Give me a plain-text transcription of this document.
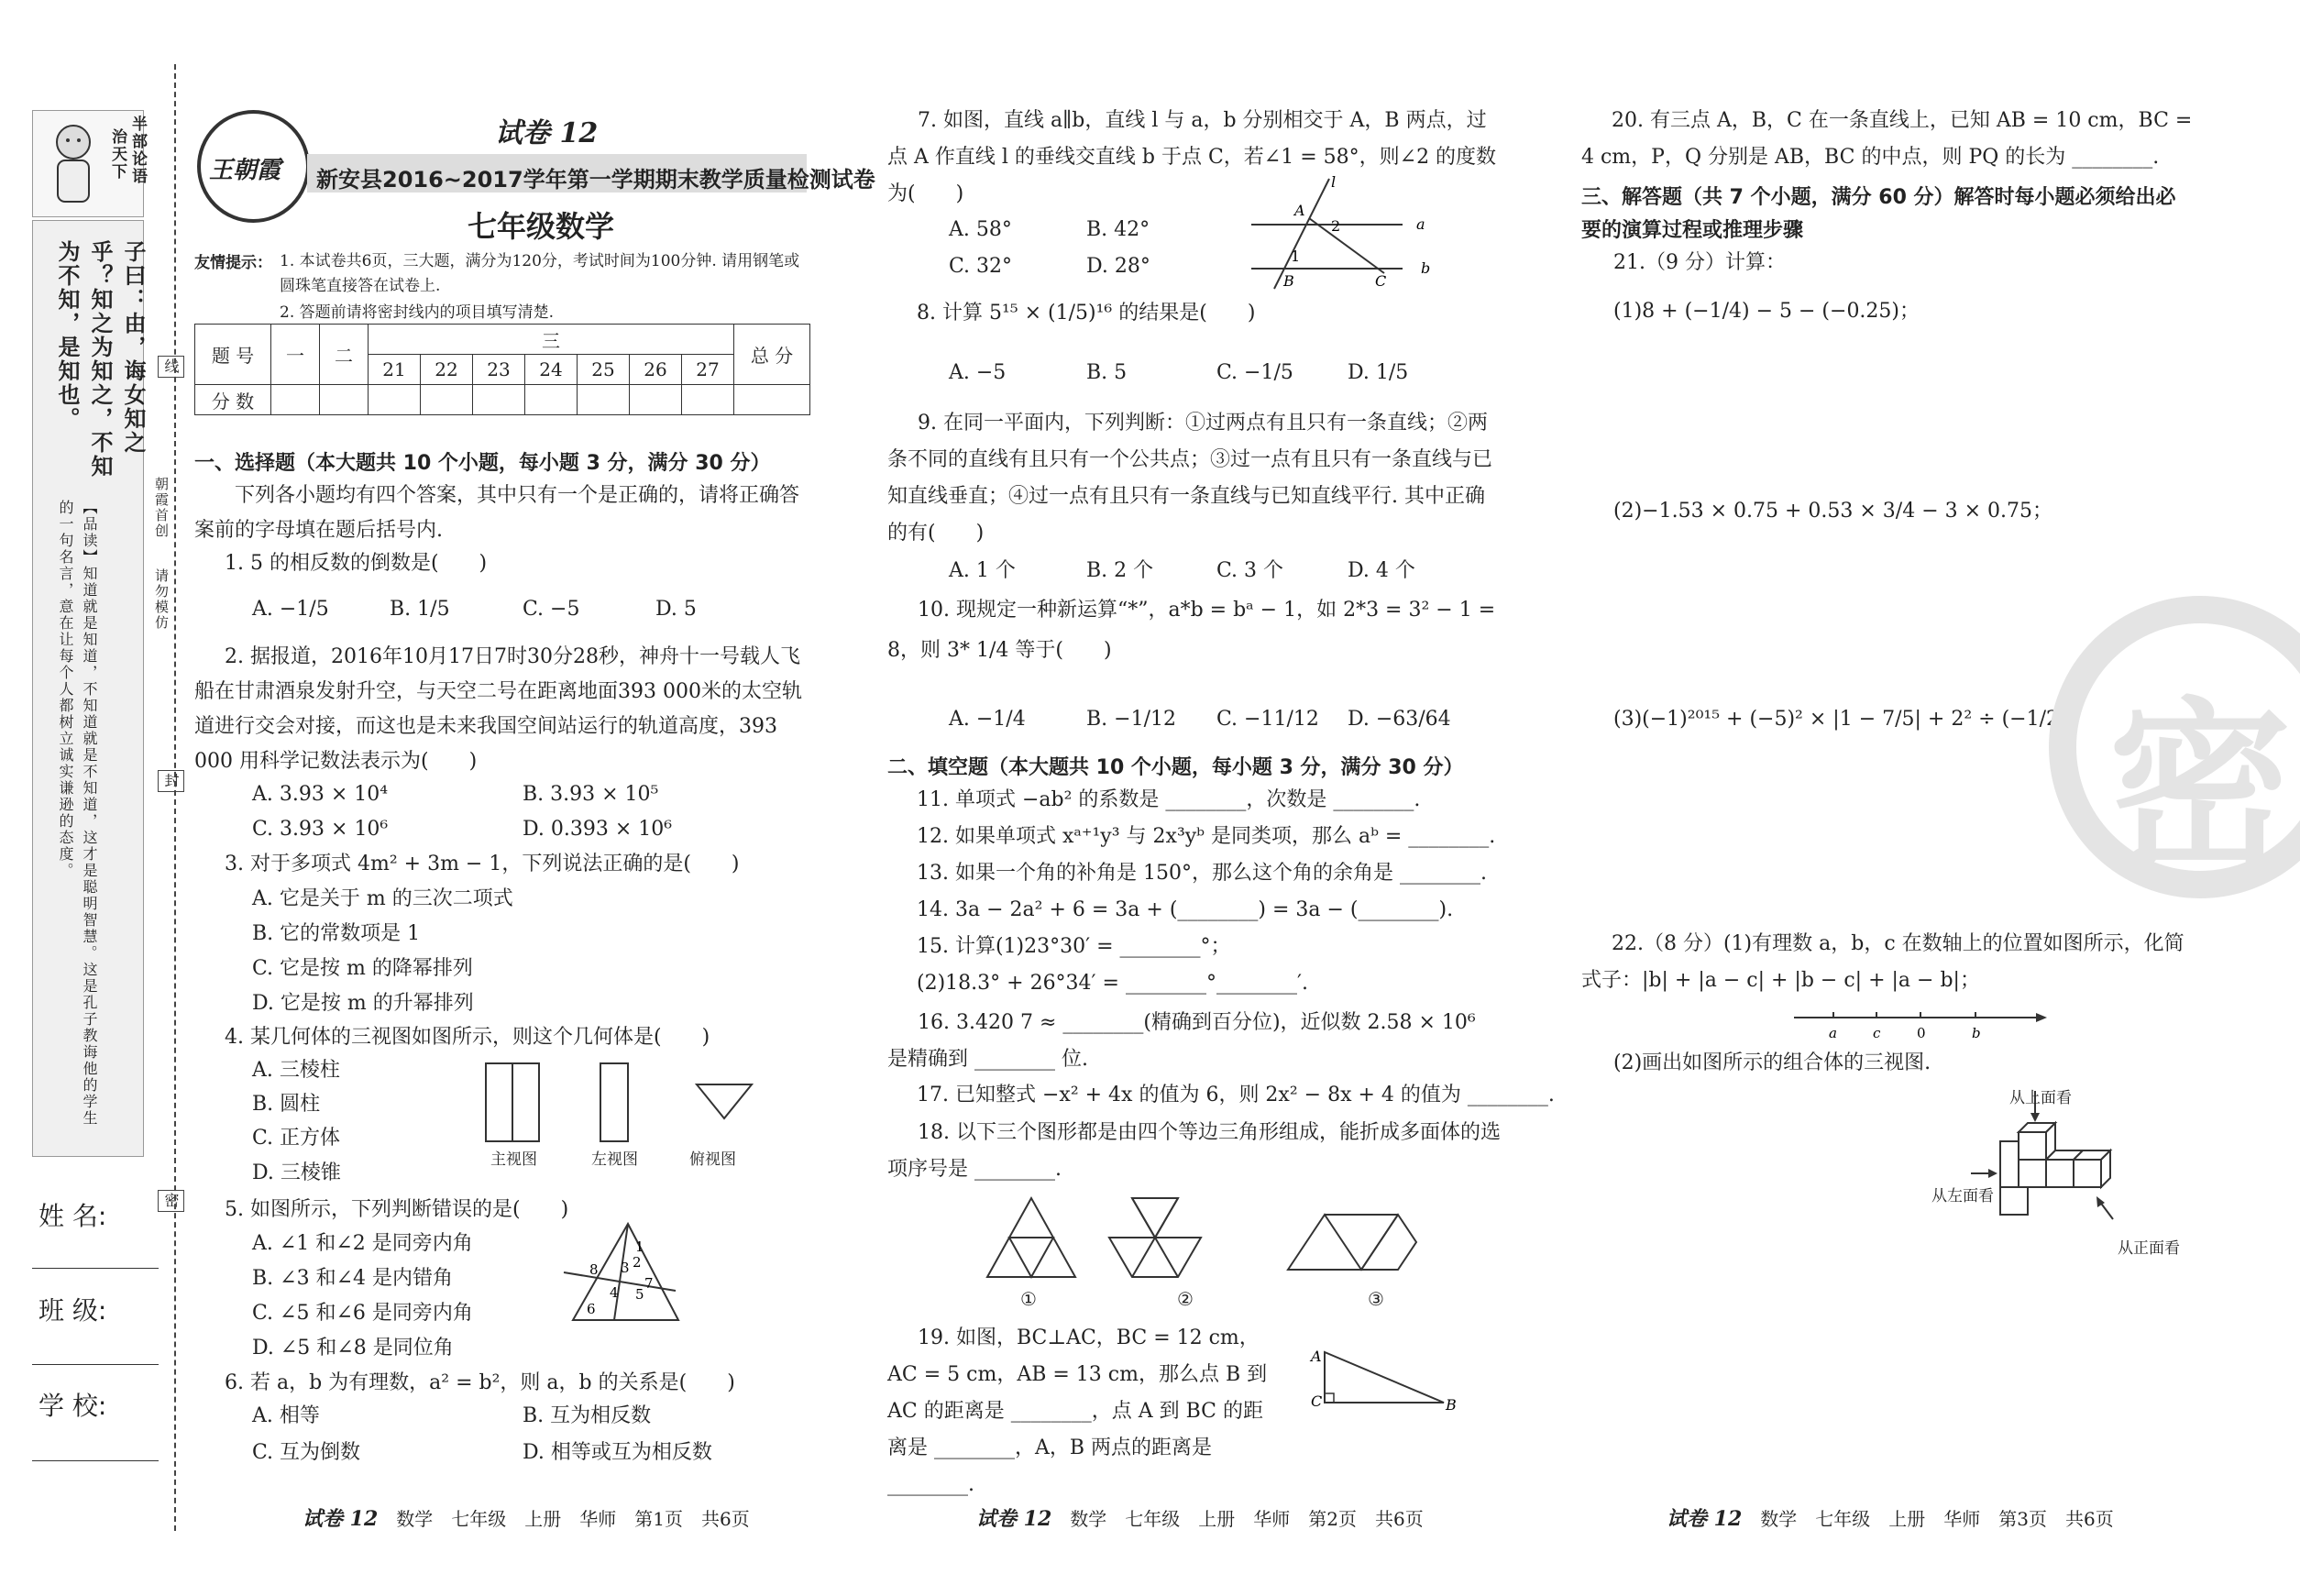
半部论语
治天下
子曰：由，诲女知之乎？知之为知之，不知为不知，是知也。
【品读】知道就是知道，不知道就是不知道，这才是聪明智慧。这是孔子教诲他的学生的一句名言，意在让每个人都树立诚实谦逊的态度。
线
封
密
朝霞首创
请勿模仿
姓 名:
班 级:
学 校:
王朝霞
试卷 12
新安县2016~2017学年第一学期期末教学质量检测试卷
七年级数学
友情提示： 1. 本试卷共6页，三大题，满分为120分，考试时间为100分钟. 请用钢笔或圆珠笔直接答在试卷上.
2. 答题前请将密封线内的项目填写清楚.
题 号	一	二	三							总 分
			21	22	23	24	25	26	27	
分 数										
一、选择题（本大题共 10 个小题，每小题 3 分，满分 30 分）
下列各小题均有四个答案，其中只有一个是正确的，请将正确答案前的字母填在题后括号内.
1. 5 的相反数的倒数是(　　)
A. −1/5	B. 1/5	C. −5	D. 5
2. 据报道，2016年10月17日7时30分28秒，神舟十一号载人飞船在甘肃酒泉发射升空，与天空二号在距离地面393 000米的太空轨道进行交会对接，而这也是未来我国空间站运行的轨道高度，393 000 用科学记数法表示为(　　)
A. 3.93 × 10⁴	B. 3.93 × 10⁵
C. 3.93 × 10⁶	D. 0.393 × 10⁶
3. 对于多项式 4m² + 3m − 1，下列说法正确的是(　　)
A. 它是关于 m 的三次二项式
B. 它的常数项是 1
C. 它是按 m 的降幂排列
D. 它是按 m 的升幂排列
4. 某几何体的三视图如图所示，则这个几何体是(　　)
A. 三棱柱
B. 圆柱
C. 正方体
D. 三棱锥
主视图	左视图	俯视图
5. 如图所示，下列判断错误的是(　　)
A. ∠1 和∠2 是同旁内角
B. ∠3 和∠4 是内错角
C. ∠5 和∠6 是同旁内角
D. ∠5 和∠8 是同位角
1
2
3
4 5
6
7
8
6. 若 a，b 为有理数，a² = b²，则 a，b 的关系是(　　)
A. 相等	B. 互为相反数
C. 互为倒数	D. 相等或互为相反数
试卷 12 数学　七年级　上册　华师　第1页　共6页
7. 如图，直线 a∥b，直线 l 与 a，b 分别相交于 A，B 两点，过点 A 作直线 l 的垂线交直线 b 于点 C，若∠1 = 58°，则∠2 的度数为(　　)
A. 58°	B. 42°
C. 32°	D. 28°
l
A
2	a
1
B	C
b
8. 计算 5¹⁵ × (1/5)¹⁶ 的结果是(　　)
A. −5	B. 5	C. −1/5	D. 1/5
9. 在同一平面内，下列判断：①过两点有且只有一条直线；②两条不同的直线有且只有一个公共点；③过一点有且只有一条直线与已知直线垂直；④过一点有且只有一条直线与已知直线平行. 其中正确的有(　　)
A. 1 个	B. 2 个	C. 3 个	D. 4 个
10. 现规定一种新运算“*”，a*b = bᵃ − 1，如 2*3 = 3² − 1 = 8，则 3* 1/4 等于(　　)
A. −1/4	B. −1/12 C. −11/12 D. −63/64
二、填空题（本大题共 10 个小题，每小题 3 分，满分 30 分）
11. 单项式 −ab² 的系数是 ________，次数是 ________.
12. 如果单项式 xᵃ⁺¹y³ 与 2x³yᵇ 是同类项，那么 aᵇ = ________.
13. 如果一个角的补角是 150°，那么这个角的余角是 ________.
14. 3a − 2a² + 6 = 3a + (________) = 3a − (________).
15. 计算(1)23°30′ = ________°；
(2)18.3° + 26°34′ = ________°________′.
16. 3.420 7 ≈ ________(精确到百分位)，近似数 2.58 × 10⁶ 是精确到 ________ 位.
17. 已知整式 −x² + 4x 的值为 6，则 2x² − 8x + 4 的值为 ________.
18. 以下三个图形都是由四个等边三角形组成，能折成多面体的选项序号是 ________.
①	②	③
19. 如图，BC⊥AC，BC = 12 cm，AC = 5 cm，AB = 13 cm，那么点 B 到 AC 的距离是 ________，点 A 到 BC 的距离是 ________，A，B 两点的距离是 ________.
A
C	B
试卷 12 数学　七年级　上册　华师　第2页　共6页
20. 有三点 A，B，C 在一条直线上，已知 AB = 10 cm，BC = 4 cm，P，Q 分别是 AB，BC 的中点，则 PQ 的长为 ________.
三、解答题（共 7 个小题，满分 60 分）解答时每小题必须给出必要的演算过程或推理步骤
21.（9 分）计算：
(1)8 + (−1/4) − 5 − (−0.25)；
(2)−1.53 × 0.75 + 0.53 × 3/4 − 3 × 0.75；
(3)(−1)²⁰¹⁵ + (−5)² × |1 − 7/5| + 2² ÷ (−1/2). 密
22.（8 分）(1)有理数 a，b，c 在数轴上的位置如图所示，化简式子：|b| + |a − c| + |b − c| + |a − b|；
a	c	0	b
(2)画出如图所示的组合体的三视图.
从上面看
从左面看
从正面看
试卷 12 数学　七年级　上册　华师　第3页　共6页
